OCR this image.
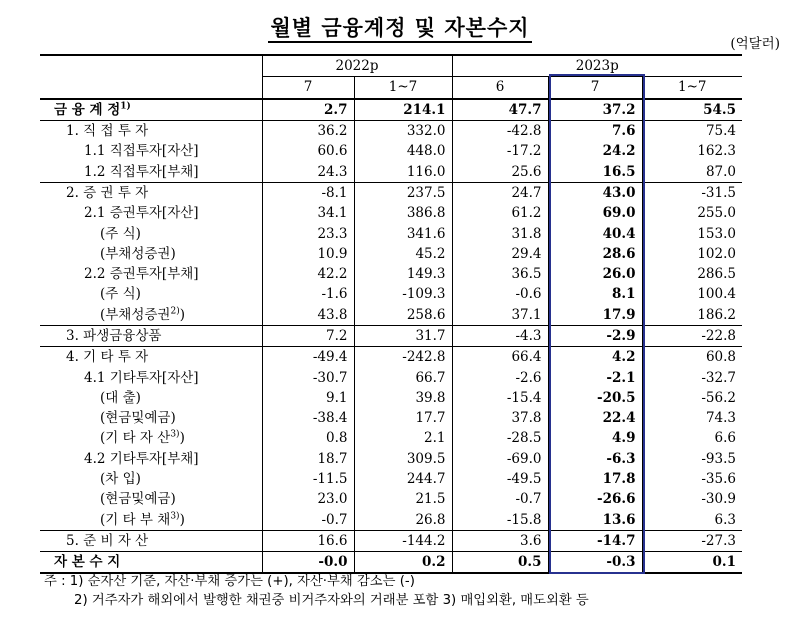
월별 금융계정 및 자본수지
(억달러)
	2022p		2023p		
	7	1~7	6	7	1~7
금 융 계 정$^{1)}$	2.7	214.1	47.7	37.2	54.5
1. 직 접 투 자	36.2	332.0	-42.8	7.6	75.4
1.1 직접투자[자산]	60.6	448.0	-17.2	24.2	162.3
1.2 직접투자[부채]	24.3	116.0	25.6	16.5	87.0
2. 증 권 투 자	-8.1	237.5	24.7	43.0	-31.5
2.1 증권투자[자산]	34.1	386.8	61.2	69.0	255.0
(주 식)	23.3	341.6	31.8	40.4	153.0
(부채성증권)	10.9	45.2	29.4	28.6	102.0
2.2 증권투자[부채]	42.2	149.3	36.5	26.0	286.5
(주 식)	-1.6	-109.3	-0.6	8.1	100.4
(부채성증권$^{2)}$)	43.8	258.6	37.1	17.9	186.2
3. 파생금융상품	7.2	31.7	-4.3	-2.9	-22.8
4. 기 타 투 자	-49.4	-242.8	66.4	4.2	60.8
4.1 기타투자[자산]	-30.7	66.7	-2.6	-2.1	-32.7
(대 출)	9.1	39.8	-15.4	-20.5	-56.2
(현금및예금)	-38.4	17.7	37.8	22.4	74.3
(기 타 자 산$^{3)}$)	0.8	2.1	-28.5	4.9	6.6
4.2 기타투자[부채]	18.7	309.5	-69.0	-6.3	-93.5
(차 입)	-11.5	244.7	-49.5	17.8	-35.6
(현금및예금)	23.0	21.5	-0.7	-26.6	-30.9
(기 타 부 채$^{3)}$)	-0.7	26.8	-15.8	13.6	6.3
5. 준 비 자 산	16.6	-144.2	3.6	-14.7	-27.3
자 본 수 지	-0.0	0.2	0.5	-0.3	0.1
주 : 1) 순자산 기준, 자산·부채 증가는 (+), 자산·부채 감소는 (-)
2) 거주자가 해외에서 발행한 채권중 비거주자와의 거래분 포함 3) 매입외환, 매도외환 등
